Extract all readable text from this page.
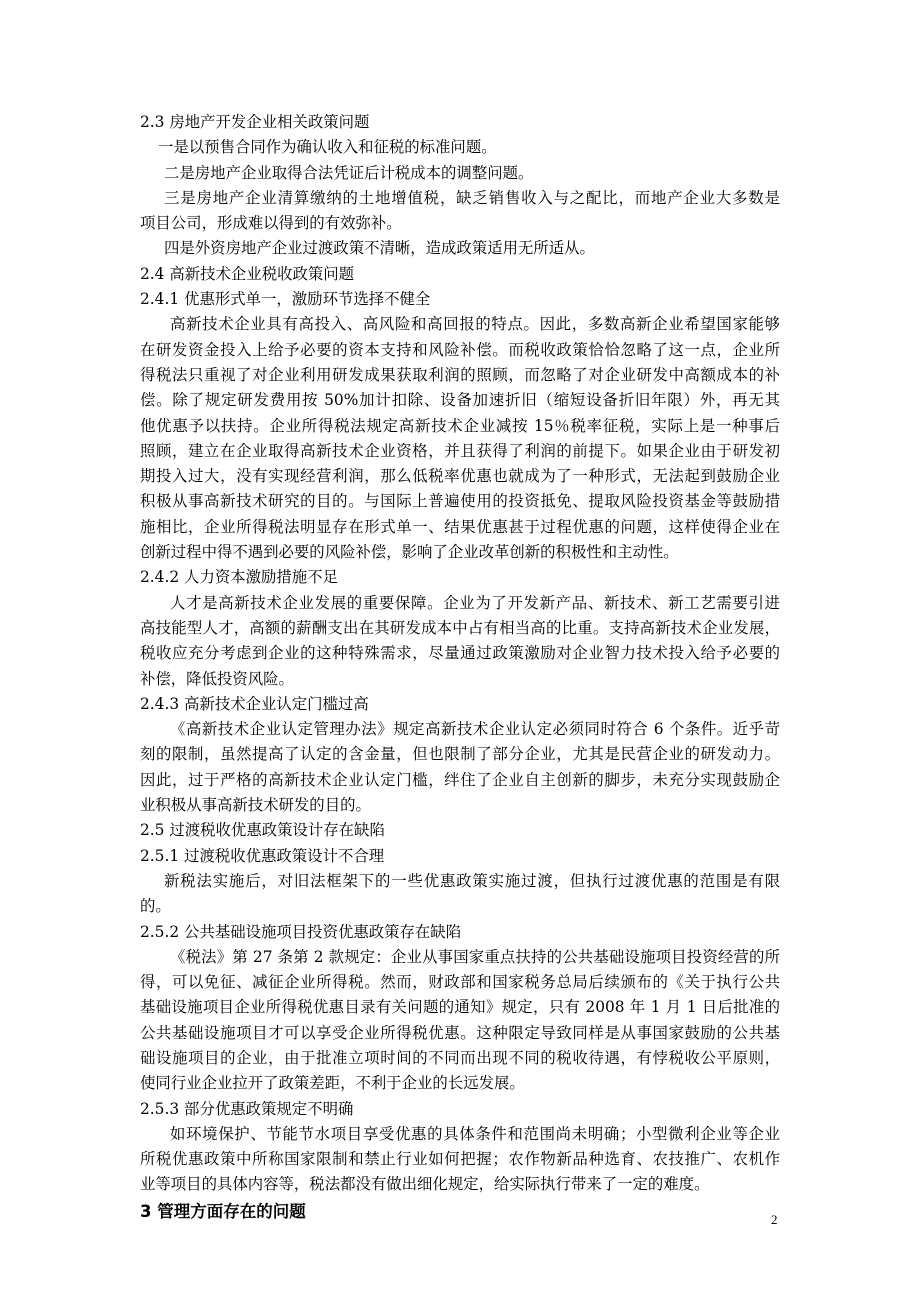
2.3 房地产开发企业相关政策问题
一是以预售合同作为确认收入和征税的标准问题。
二是房地产企业取得合法凭证后计税成本的调整问题。
三是房地产企业清算缴纳的土地增值税，缺乏销售收入与之配比，而地产企业大多数是
项目公司，形成难以得到的有效弥补。
四是外资房地产企业过渡政策不清晰，造成政策适用无所适从。
2.4 高新技术企业税收政策问题
2.4.1 优惠形式单一，激励环节选择不健全
高新技术企业具有高投入、高风险和高回报的特点。因此，多数高新企业希望国家能够
在研发资金投入上给予必要的资本支持和风险补偿。而税收政策恰恰忽略了这一点，企业所
得税法只重视了对企业利用研发成果获取利润的照顾，而忽略了对企业研发中高额成本的补
偿。除了规定研发费用按 50%加计扣除、设备加速折旧（缩短设备折旧年限）外，再无其
他优惠予以扶持。企业所得税法规定高新技术企业减按 15％税率征税，实际上是一种事后
照顾，建立在企业取得高新技术企业资格，并且获得了利润的前提下。如果企业由于研发初
期投入过大，没有实现经营利润，那么低税率优惠也就成为了一种形式，无法起到鼓励企业
积极从事高新技术研究的目的。与国际上普遍使用的投资抵免、提取风险投资基金等鼓励措
施相比，企业所得税法明显存在形式单一、结果优惠甚于过程优惠的问题，这样使得企业在
创新过程中得不遇到必要的风险补偿，影响了企业改革创新的积极性和主动性。
2.4.2 人力资本激励措施不足
人才是高新技术企业发展的重要保障。企业为了开发新产品、新技术、新工艺需要引进
高技能型人才，高额的薪酬支出在其研发成本中占有相当高的比重。支持高新技术企业发展，
税收应充分考虑到企业的这种特殊需求，尽量通过政策激励对企业智力技术投入给予必要的
补偿，降低投资风险。
2.4.3 高新技术企业认定门槛过高
《高新技术企业认定管理办法》规定高新技术企业认定必须同时符合 6 个条件。近乎苛
刻的限制，虽然提高了认定的含金量，但也限制了部分企业，尤其是民营企业的研发动力。
因此，过于严格的高新技术企业认定门槛，绊住了企业自主创新的脚步，未充分实现鼓励企
业积极从事高新技术研发的目的。
2.5 过渡税收优惠政策设计存在缺陷
2.5.1 过渡税收优惠政策设计不合理
新税法实施后，对旧法框架下的一些优惠政策实施过渡，但执行过渡优惠的范围是有限
的。
2.5.2 公共基础设施项目投资优惠政策存在缺陷
《税法》第 27 条第 2 款规定：企业从事国家重点扶持的公共基础设施项目投资经营的所
得，可以免征、减征企业所得税。然而，财政部和国家税务总局后续颁布的《关于执行公共
基础设施项目企业所得税优惠目录有关问题的通知》规定，只有 2008 年 1 月 1 日后批准的
公共基础设施项目才可以享受企业所得税优惠。这种限定导致同样是从事国家鼓励的公共基
础设施项目的企业，由于批准立项时间的不同而出现不同的税收待遇，有悖税收公平原则，
使同行业企业拉开了政策差距，不利于企业的长远发展。
2.5.3 部分优惠政策规定不明确
如环境保护、节能节水项目享受优惠的具体条件和范围尚未明确；小型微利企业等企业
所税优惠政策中所称国家限制和禁止行业如何把握；农作物新品种选育、农技推广、农机作
业等项目的具体内容等，税法都没有做出细化规定，给实际执行带来了一定的难度。
3 管理方面存在的问题	2
